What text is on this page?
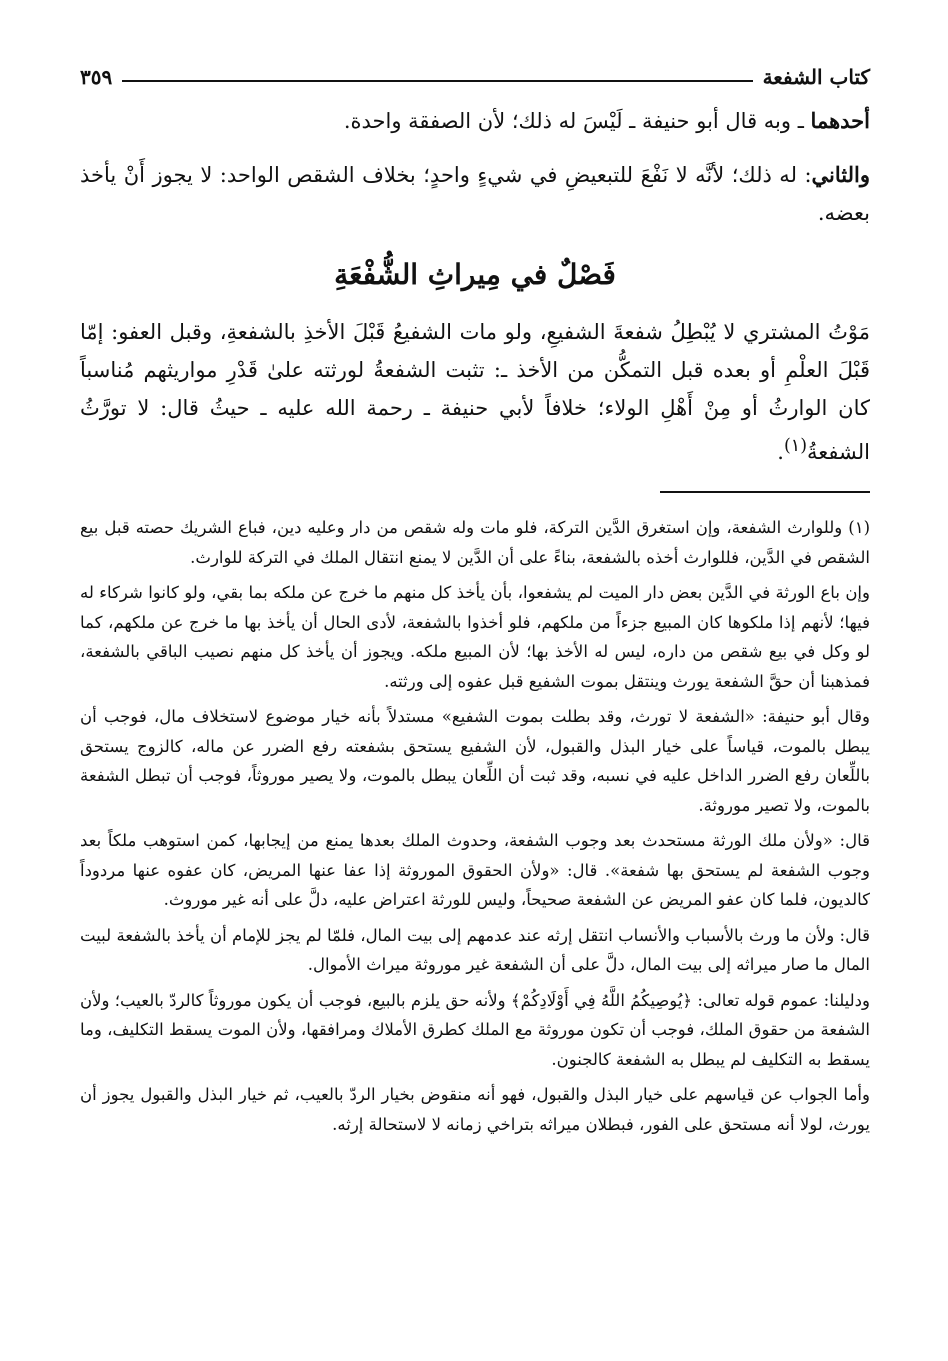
كتاب الشفعة
٣٥٩

أحدهما ـ وبه قال أبو حنيفة ـ لَيْسَ له ذلك؛ لأن الصفقة واحدة.

والثاني: له ذلك؛ لأنَّه لا نَفْعَ للتبعيضِ في شيءٍ واحدٍ؛ بخلاف الشقص الواحد: لا يجوز أَنْ يأخذ بعضه.

فَصْلٌ في مِيراثِ الشُّفْعَةِ

مَوْتُ المشتري لا يُبْطِلُ شفعةَ الشفيعِ، ولو مات الشفيعُ قَبْلَ الأخذِ بالشفعةِ، وقبل العفو: إمّا قَبْلَ العلْمِ أو بعده قبل التمكُّن من الأخذ ـ: تثبت الشفعةُ لورثته علىٰ قَدْرِ مواريثهم مُناسباً كان الوارثُ أو مِنْ أَهْلِ الولاء؛ خلافاً لأبي حنيفة ـ رحمة الله عليه ـ حيثُ قال: لا تورَّثُ الشفعةُ$^{(١)}$.

(١) وللوارث الشفعة، وإن استغرق الدَّين التركة، فلو مات وله شقص من دار وعليه دين، فباع الشريك حصته قبل بيع الشقص في الدَّين، فللوارث أخذه بالشفعة، بناءً على أن الدَّين لا يمنع انتقال الملك في التركة للوارث.

وإن باع الورثة في الدَّين بعض دار الميت لم يشفعوا، بأن يأخذ كل منهم ما خرج عن ملكه بما بقي، ولو كانوا شركاء له فيها؛ لأنهم إذا ملكوها كان المبيع جزءاً من ملكهم، فلو أخذوا بالشفعة، لأدى الحال أن يأخذ بها ما خرج عن ملكهم، كما لو وكل في بيع شقص من داره، ليس له الأخذ بها؛ لأن المبيع ملكه. ويجوز أن يأخذ كل منهم نصيب الباقي بالشفعة، فمذهبنا أن حقَّ الشفعة يورث وينتقل بموت الشفيع قبل عفوه إلى ورثته.

وقال أبو حنيفة: «الشفعة لا تورث، وقد بطلت بموت الشفيع» مستدلاً بأنه خيار موضوع لاستخلاف مال، فوجب أن يبطل بالموت، قياساً على خيار البذل والقبول، لأن الشفيع يستحق بشفعته رفع الضرر عن ماله، كالزوج يستحق باللِّعان رفع الضرر الداخل عليه في نسبه، وقد ثبت أن اللِّعان يبطل بالموت، ولا يصير موروثاً، فوجب أن تبطل الشفعة بالموت، ولا تصير موروثة.

قال: «ولأن ملك الورثة مستحدث بعد وجوب الشفعة، وحدوث الملك بعدها يمنع من إيجابها، كمن استوهب ملكاً بعد وجوب الشفعة لم يستحق بها شفعة». قال: «ولأن الحقوق الموروثة إذا عفا عنها المريض، كان عفوه عنها مردوداً كالديون، فلما كان عفو المريض عن الشفعة صحيحاً، وليس للورثة اعتراض عليه، دلَّ على أنه غير موروث.

قال: ولأن ما ورث بالأسباب والأنساب انتقل إرثه عند عدمهم إلى بيت المال، فلمّا لم يجز للإمام أن يأخذ بالشفعة لبيت المال ما صار ميراثه إلى بيت المال، دلَّ على أن الشفعة غير موروثة ميراث الأموال.

ودليلنا: عموم قوله تعالى: ﴿يُوصِيكُمُ اللَّهُ فِي أَوْلَادِكُمْ﴾ ولأنه حق يلزم بالبيع، فوجب أن يكون موروثاً كالردّ بالعيب؛ ولأن الشفعة من حقوق الملك، فوجب أن تكون موروثة مع الملك كطرق الأملاك ومرافقها، ولأن الموت يسقط التكليف، وما يسقط به التكليف لم يبطل به الشفعة كالجنون.

وأما الجواب عن قياسهم على خيار البذل والقبول، فهو أنه منقوض بخيار الردّ بالعيب، ثم خيار البذل والقبول يجوز أن يورث، لولا أنه مستحق على الفور، فبطلان ميراثه بتراخي زمانه لا لاستحالة إرثه.
